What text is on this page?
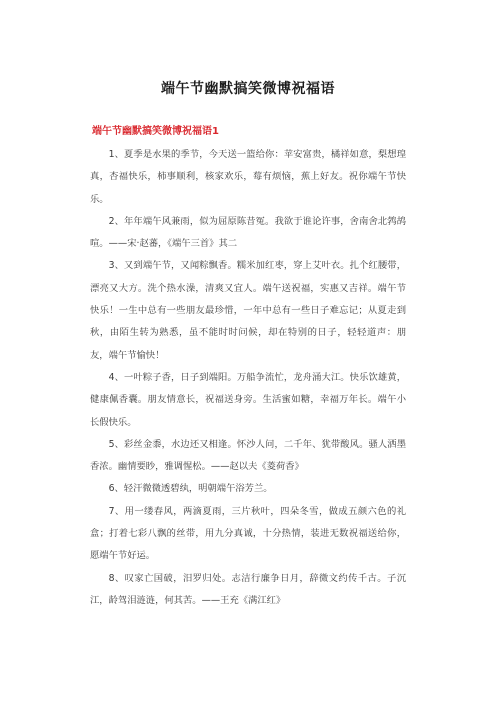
端午节幽默搞笑微博祝福语
端午节幽默搞笑微博祝福语1

1、夏季是水果的季节，今天送一篮给你：苹安富贵，橘祥如意，梨想瑝真，杏福快乐，柿事顺利，核家欢乐，莓有烦恼，蕉上好友。祝你端午节快乐。

2、年年端午风兼雨，似为屈原陈昔冤。我欲于谁论许事，舍南舍北鹁鸪喧。——宋·赵蕃，《端午三首》其二

3、又到端午节，又闻粽飘香。糯米加红枣，穿上艾叶衣。扎个红腰带，漂亮又大方。洗个热水澡，清爽又宜人。端午送祝福，实惠又吉祥。端午节快乐！一生中总有一些朋友最珍惜，一年中总有一些日子难忘记；从夏走到秋，由陌生转为熟悉，虽不能时时问候，却在特别的日子，轻轻道声：朋友，端午节愉快！

4、一叶粽子香，日子到端阳。万船争流忙，龙舟涌大江。快乐饮雄黄，健康佩香囊。朋友情意长，祝福送身旁。生活蜜如糖，幸福万年长。端午小长假快乐。

5、彩丝金黍，水边还又相逢。怀沙人问，二千年、犹带酸风。骚人洒墨香浓。幽情要眇，雅调惺松。——赵以夫《菱荷香》

6、轻汗微微透碧纨，明朝端午浴芳兰。

7、用一缕春风，两滴夏雨，三片秋叶，四朵冬雪，做成五颜六色的礼盒；打着七彩八飘的丝带，用九分真诚，十分热情，装进无数祝福送给你，愿端午节好运。

8、叹家亡国破，汨罗归处。志洁行廉争日月，辞微文约传千古。子沉江，龄驾泪涟涟，何其苦。——王充《满江红》
